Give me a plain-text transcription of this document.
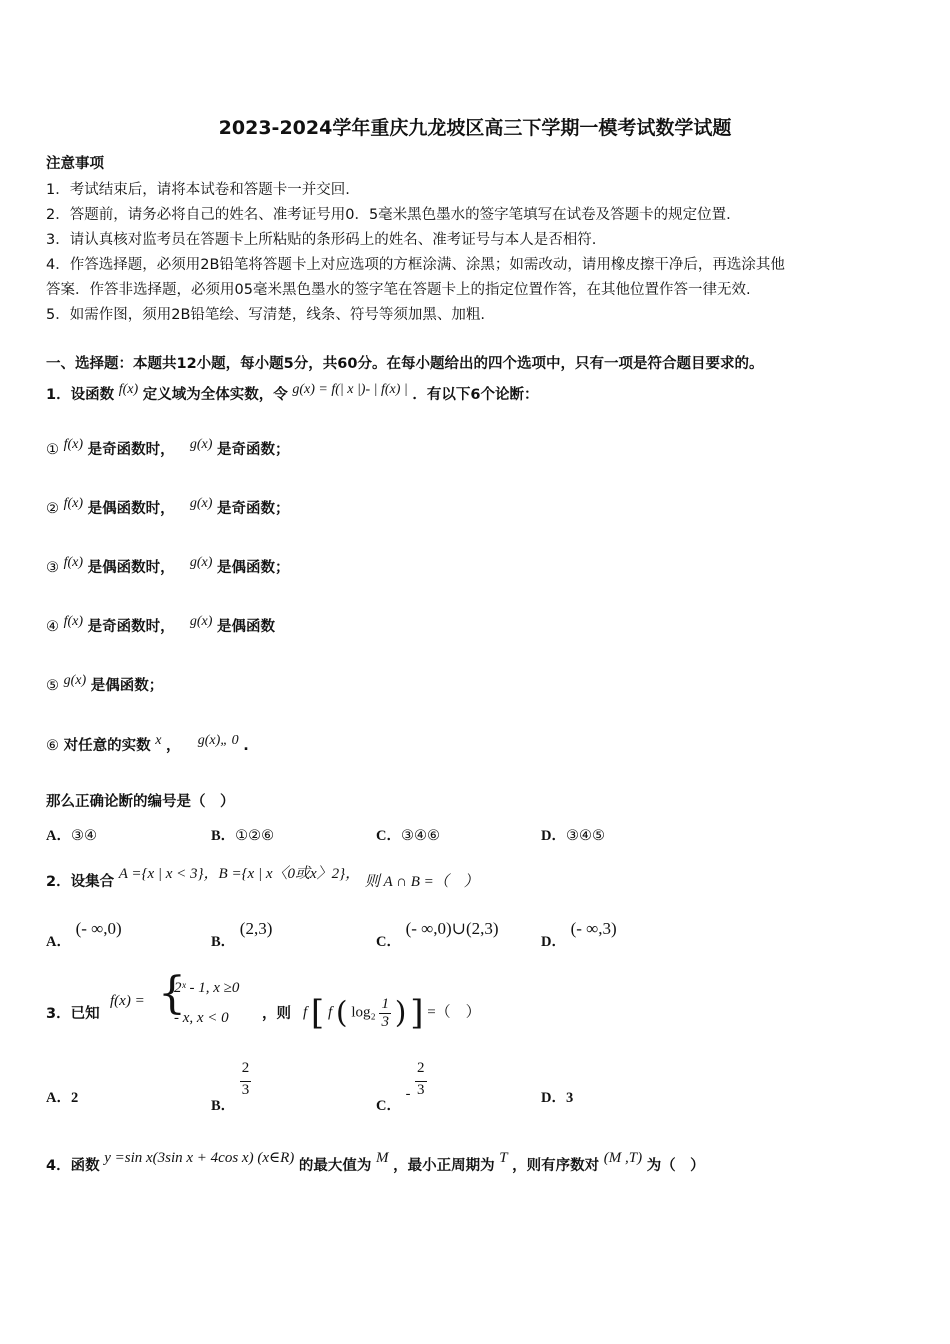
2023-2024学年重庆九龙坡区高三下学期一模考试数学试题
注意事项
1．考试结束后，请将本试卷和答题卡一并交回.
2．答题前，请务必将自己的姓名、准考证号用0．5毫米黑色墨水的签字笔填写在试卷及答题卡的规定位置.
3．请认真核对监考员在答题卡上所粘贴的条形码上的姓名、准考证号与本人是否相符.
4．作答选择题，必须用2B铅笔将答题卡上对应选项的方框涂满、涂黑；如需改动，请用橡皮擦干净后，再选涂其他
答案．作答非选择题，必须用05毫米黑色墨水的签字笔在答题卡上的指定位置作答，在其他位置作答一律无效.
5．如需作图，须用2B铅笔绘、写清楚，线条、符号等须加黑、加粗.
一、选择题：本题共12小题，每小题5分，共60分。在每小题给出的四个选项中，只有一项是符合题目要求的。
1．设函数 $^{f(x)}$ 定义域为全体实数，令 $^{g(x) = f(| x |)- | f(x) |}$ ．有以下6个论断：
① $^{f(x)}$ 是奇函数时， $^{g(x)}$ 是奇函数；
② $^{f(x)}$ 是偶函数时， $^{g(x)}$ 是奇函数；
③ $^{f(x)}$ 是偶函数时， $^{g(x)}$ 是偶函数；
④ $^{f(x)}$ 是奇函数时， $^{g(x)}$ 是偶函数
⑤ $^{g(x)}$ 是偶函数；
⑥ 对任意的实数 $^x$ ， $^{g(x)„ 0}$ .
那么正确论断的编号是（　）
A．③④	B．①②⑥	C．③④⑥	D．③④⑤
2．设集合 A ={x | x < 3}，B ={x | x〈0或x〉2}， 则 A ∩ B =（　）
A． (- ∞,0)
B． (2,3)
C． (- ∞,0)∪(2,3)
D． (- ∞,3)
3．已知
f(x) = {
2ˣ - 1, x ≥0
- x, x < 0 ，则 f [ f ( $\log_2 \frac{1}{3}$ ) ] =（　）
A．2	B．
$\frac{2}{3}$
C． - $\frac{2}{3}$	D．3
4．函数 y =sin x(3sin x + 4cos x) (x∈R) 的最大值为 M ，最小正周期为 T ，则有序数对 (M ,T) 为（　）
